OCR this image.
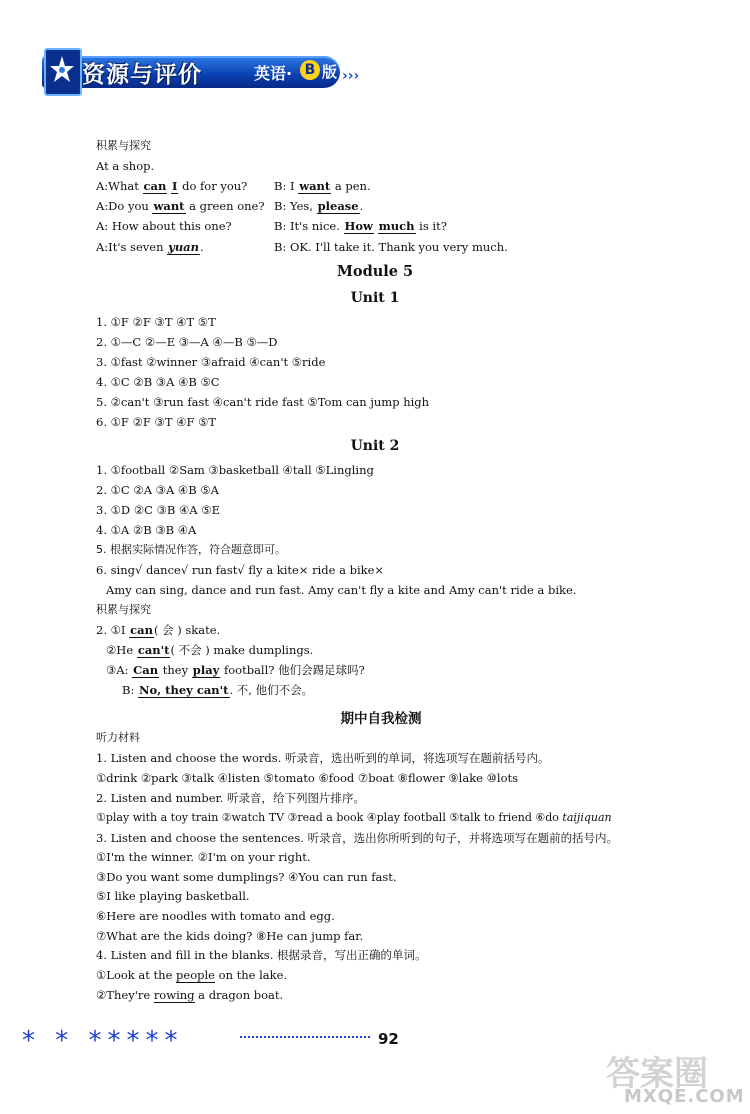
资源与评价	英语· B 版 ›››
积累与探究
At a shop.
A:What can I do for you? B: I want a pen.
A:Do you want a green one? B: Yes, please.
A: How about this one?	B: It's nice. How much is it?
A:It's seven yuan.	B: OK. I'll take it. Thank you very much.
Module 5
Unit 1
1. ①F ②F ③T ④T ⑤T
2. ①—C ②—E ③—A ④—B ⑤—D
3. ①fast ②winner ③afraid ④can't ⑤ride
4. ①C ②B ③A ④B ⑤C
5. ②can't ③run fast ④can't ride fast ⑤Tom can jump high
6. ①F ②F ③T ④F ⑤T
Unit 2
1. ①football ②Sam ③basketball ④tall ⑤Lingling
2. ①C ②A ③A ④B ⑤A
3. ①D ②C ③B ④A ⑤E
4. ①A ②B ③B ④A
5. 根据实际情况作答，符合题意即可。
6. sing√ dance√ run fast√ fly a kite× ride a bike×
Amy can sing, dance and run fast. Amy can't fly a kite and Amy can't ride a bike.
积累与探究
2. ①I can( 会 ) skate.
②He can't( 不会 ) make dumplings.
③A: Can they play football? 他们会踢足球吗?
B: No, they can't. 不, 他们不会。
期中自我检测
听力材料
1. Listen and choose the words. 听录音，选出听到的单词，将选项写在题前括号内。
①drink ②park ③talk ④listen ⑤tomato ⑥food ⑦boat ⑧flower ⑨lake ⑩lots
2. Listen and number. 听录音，给下列图片排序。
①play with a toy train ②watch TV ③read a book ④play football ⑤talk to friend ⑥do taijiquan
3. Listen and choose the sentences. 听录音，选出你所听到的句子，并将选项写在题前的括号内。
①I'm the winner. ②I'm on your right.
③Do you want some dumplings? ④You can run fast.
⑤I like playing basketball.
⑥Here are noodles with tomato and egg.
⑦What are the kids doing? ⑧He can jump far.
4. Listen and fill in the blanks. 根据录音，写出正确的单词。
①Look at the people on the lake.
②They're rowing a dragon boat.
* * *****	92
答案圈
MXQE.COM
